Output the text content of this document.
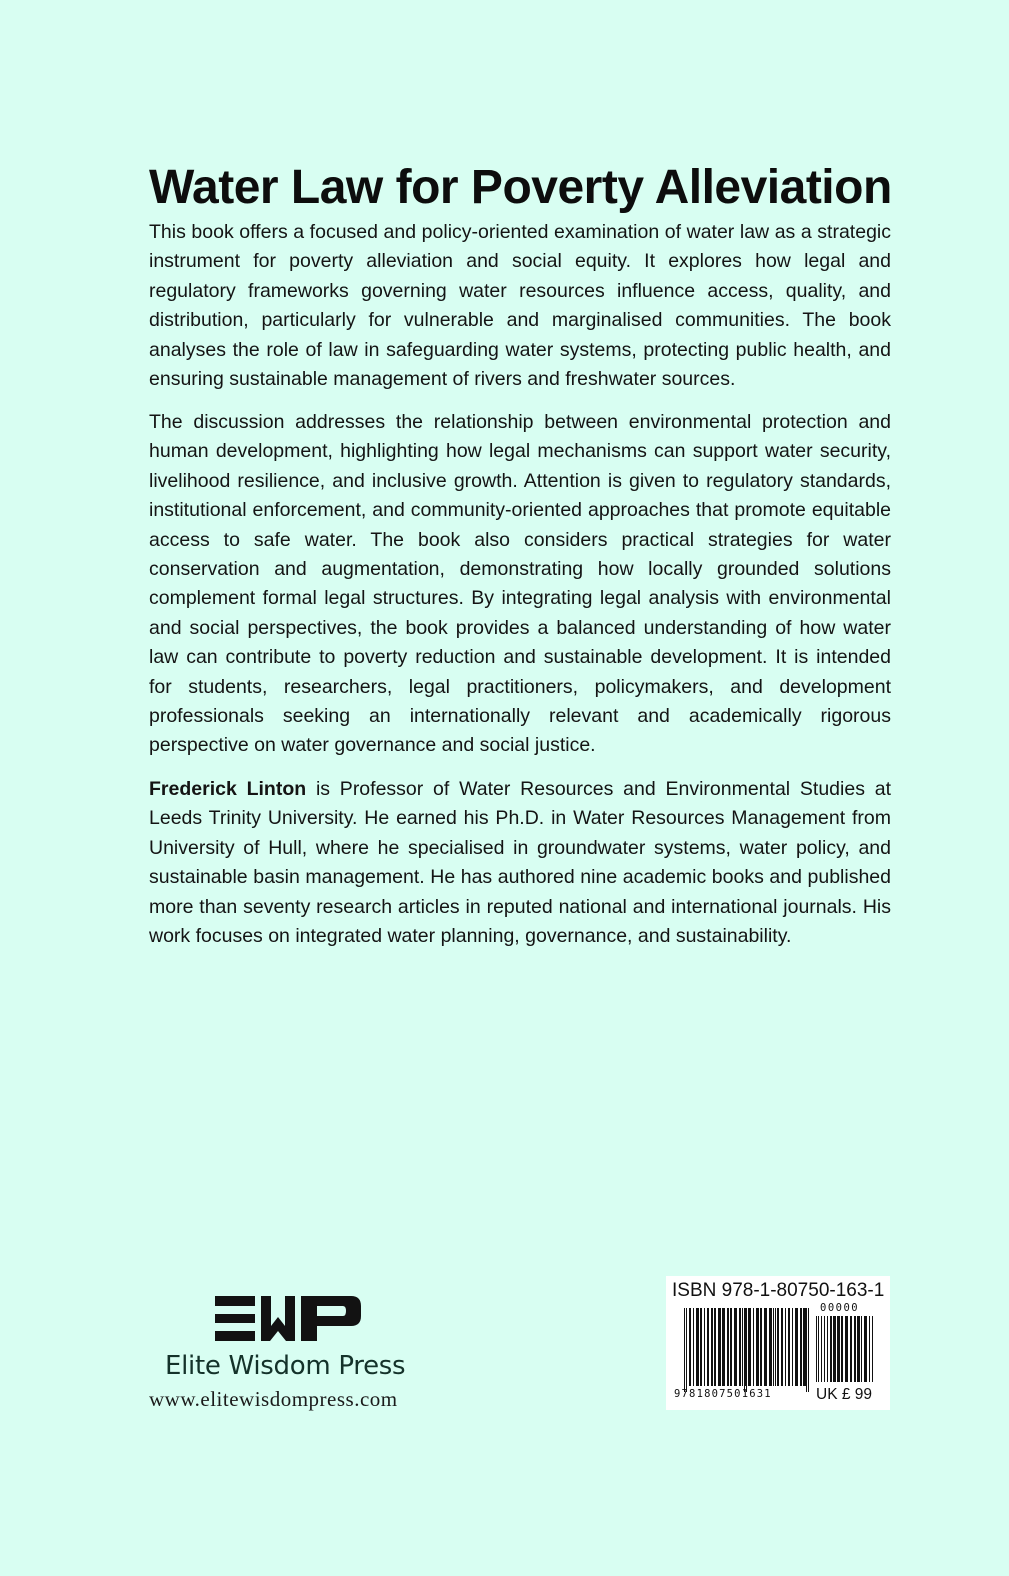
Water Law for Poverty Alleviation

This book offers a focused and policy-oriented examination of water law as a strategic instrument for poverty alleviation and social equity. It explores how legal and regulatory frameworks governing water resources influence access, quality, and distribution, particularly for vulnerable and marginalised communities. The book analyses the role of law in safeguarding water systems, protecting public health, and ensuring sustainable management of rivers and freshwater sources.

The discussion addresses the relationship between environmental protection and human development, highlighting how legal mechanisms can support water security, livelihood resilience, and inclusive growth. Attention is given to regulatory standards, institutional enforcement, and community-oriented approaches that promote equitable access to safe water. The book also considers practical strategies for water conservation and augmentation, demonstrating how locally grounded solutions complement formal legal structures. By integrating legal analysis with environmental and social perspectives, the book provides a balanced understanding of how water law can contribute to poverty reduction and sustainable development. It is intended for students, researchers, legal practitioners, policymakers, and development professionals seeking an internationally relevant and academically rigorous perspective on water governance and social justice.

Frederick Linton is Professor of Water Resources and Environmental Studies at Leeds Trinity University. He earned his Ph.D. in Water Resources Management from University of Hull, where he specialised in groundwater systems, water policy, and sustainable basin management. He has authored nine academic books and published more than seventy research articles in reputed national and international journals. His work focuses on integrated water planning, governance, and sustainability.

Elite Wisdom Press
www.elitewisdompress.com
ISBN 978-1-80750-163-1
00000
9781807501631	UK £ 99
